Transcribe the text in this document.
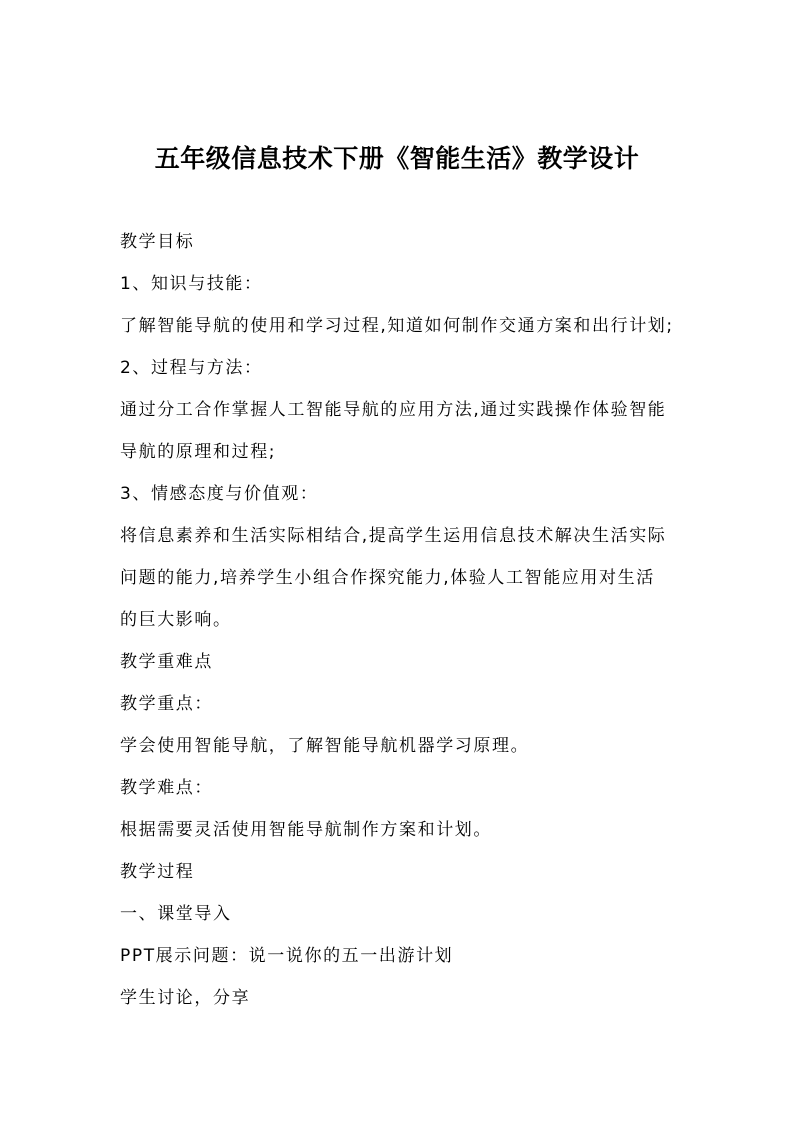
五年级信息技术下册《智能生活》教学设计
教学目标
1、知识与技能：
了解智能导航的使用和学习过程,知道如何制作交通方案和出行计划;
2、过程与方法：
通过分工合作掌握人工智能导航的应用方法,通过实践操作体验智能
导航的原理和过程;
3、情感态度与价值观：
将信息素养和生活实际相结合,提高学生运用信息技术解决生活实际
问题的能力,培养学生小组合作探究能力,体验人工智能应用对生活
的巨大影响。
教学重难点
教学重点：
学会使用智能导航，了解智能导航机器学习原理。
教学难点：
根据需要灵活使用智能导航制作方案和计划。
教学过程
一、课堂导入
PPT展示问题：说一说你的五一出游计划
学生讨论，分享
